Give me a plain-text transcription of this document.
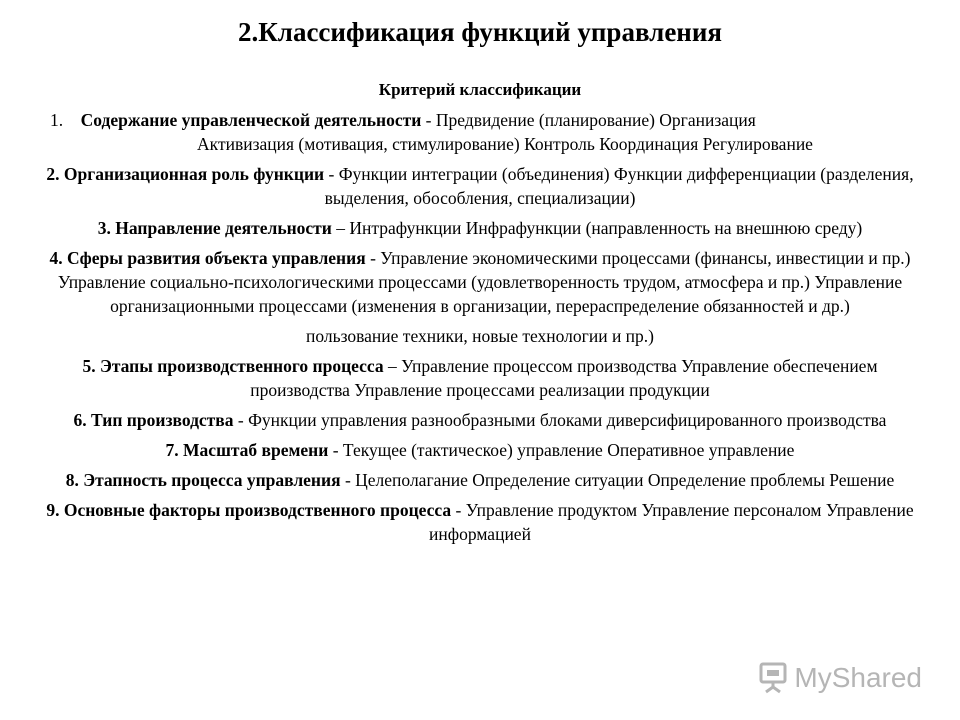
2.Классификация функций управления
Критерий классификации
1. Содержание управленческой деятельности - Предвидение (планирование) Организация
Активизация (мотивация, стимулирование) Контроль Координация Регулирование
2. Организационная роль функции - Функции интеграции (объединения) Функции дифференциации (разделения, выделения, обособления, специализации)
3. Направление деятельности – Интрафункции Инфрафункции (направленность на внешнюю среду)
4. Сферы развития объекта управления - Управление экономическими процессами (финансы, инвестиции и пр.) Управление социально-психологическими процессами (удовлетворенность трудом, атмосфера и пр.) Управление организационными процессами (изменения в организации, перераспределение обязанностей и др.)
пользование техники, новые технологии и пр.)
5. Этапы производственного процесса – Управление процессом производства Управление обеспечением производства Управление процессами реализации продукции
6. Тип производства - Функции управления разнообразными блоками диверсифицированного производства
7. Масштаб времени - Текущее (тактическое) управление Оперативное управление
8. Этапность процесса управления - Целеполагание Определение ситуации Определение проблемы Решение
9. Основные факторы производственного процесса - Управление продуктом Управление персоналом Управление информацией
MyShared
